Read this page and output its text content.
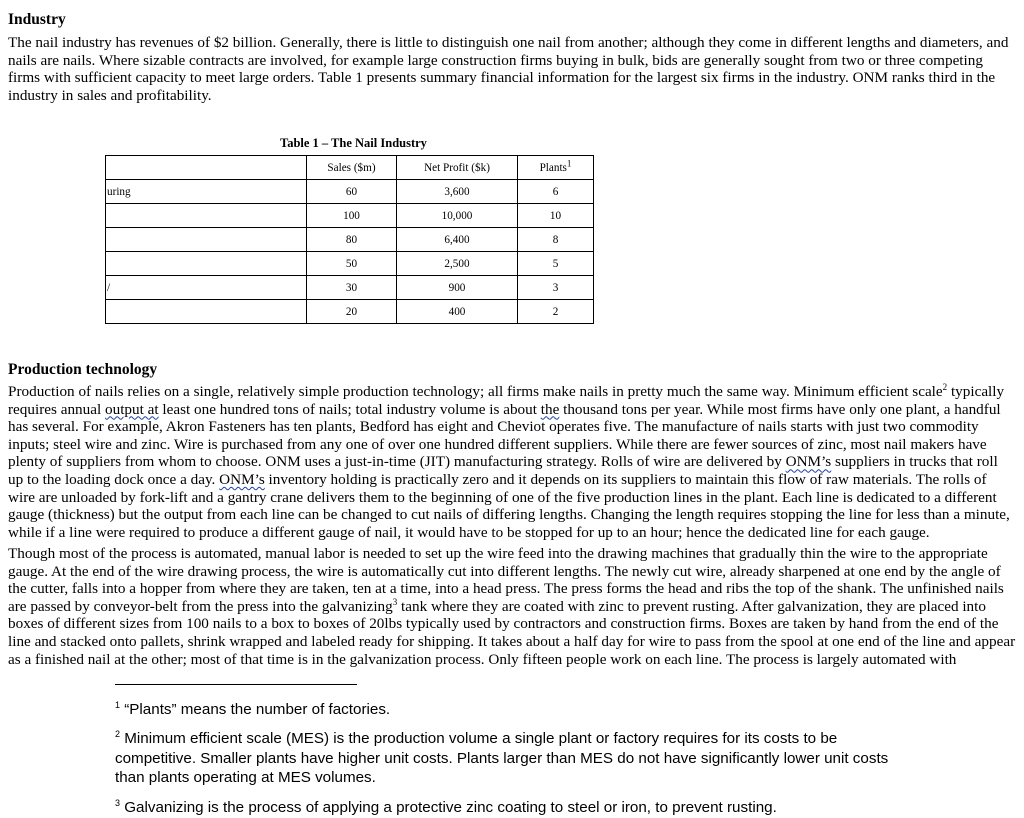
Industry

The nail industry has revenues of $2 billion. Generally, there is little to distinguish one nail from another; although they come in different lengths and diameters, and nails are nails. Where sizable contracts are involved, for example large construction firms buying in bulk, bids are generally sought from two or three competing firms with sufficient capacity to meet large orders. Table 1 presents summary financial information for the largest six firms in the industry. ONM ranks third in the industry in sales and profitability.

Table 1 – The Nail Industry

	Sales ($m)	Net Profit ($k)	Plants$^1$
uring	60	3,600	6
	100	10,000	10
	80	6,400	8
	50	2,500	5
/	30	900	3
	20	400	2
Production technology

Production of nails relies on a single, relatively simple production technology; all firms make nails in pretty much the same way. Minimum efficient scale$^2$ typically requires annual output at least one hundred tons of nails; total industry volume is about the thousand tons per year. While most firms have only one plant, a handful has several. For example, Akron Fasteners has ten plants, Bedford has eight and Cheviot operates five. The manufacture of nails starts with just two commodity inputs; steel wire and zinc. Wire is purchased from any one of over one hundred different suppliers. While there are fewer sources of zinc, most nail makers have plenty of suppliers from whom to choose. ONM uses a just-in-time (JIT) manufacturing strategy. Rolls of wire are delivered by ONM’s suppliers in trucks that roll up to the loading dock once a day. ONM’s inventory holding is practically zero and it depends on its suppliers to maintain this flow of raw materials. The rolls of wire are unloaded by fork-lift and a gantry crane delivers them to the beginning of one of the five production lines in the plant. Each line is dedicated to a different gauge (thickness) but the output from each line can be changed to cut nails of differing lengths. Changing the length requires stopping the line for less than a minute, while if a line were required to produce a different gauge of nail, it would have to be stopped for up to an hour; hence the dedicated line for each gauge.

Though most of the process is automated, manual labor is needed to set up the wire feed into the drawing machines that gradually thin the wire to the appropriate gauge. At the end of the wire drawing process, the wire is automatically cut into different lengths. The newly cut wire, already sharpened at one end by the angle of the cutter, falls into a hopper from where they are taken, ten at a time, into a head press. The press forms the head and ribs the top of the shank. The unfinished nails are passed by conveyor-belt from the press into the galvanizing$^3$ tank where they are coated with zinc to prevent rusting. After galvanization, they are placed into boxes of different sizes from 100 nails to a box to boxes of 20lbs typically used by contractors and construction firms. Boxes are taken by hand from the end of the line and stacked onto pallets, shrink wrapped and labeled ready for shipping. It takes about a half day for wire to pass from the spool at one end of the line and appear as a finished nail at the other; most of that time is in the galvanization process. Only fifteen people work on each line. The process is largely automated with

$^1$ “Plants” means the number of factories.

$^2$ Minimum efficient scale (MES) is the production volume a single plant or factory requires for its costs to be competitive. Smaller plants have higher unit costs. Plants larger than MES do not have significantly lower unit costs than plants operating at MES volumes.

$^3$ Galvanizing is the process of applying a protective zinc coating to steel or iron, to prevent rusting.
